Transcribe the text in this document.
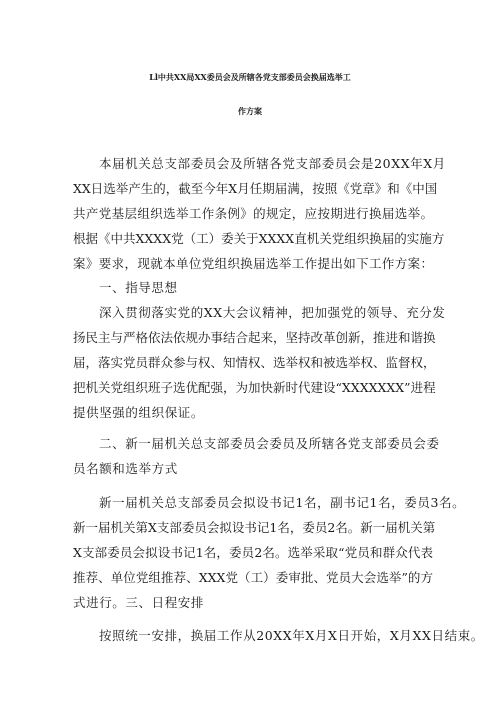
Ll中共XX局XX委员会及所辖各党支部委员会换届选举工
作方案
本届机关总支部委员会及所辖各党支部委员会是20XX年X月
XX日选举产生的，截至今年X月任期届满，按照《党章》和《中国
共产党基层组织选举工作条例》的规定，应按期进行换届选举。
根据《中共XXXX党（工）委关于XXXX直机关党组织换届的实施方
案》要求，现就本单位党组织换届选举工作提出如下工作方案：
一、指导思想
深入贯彻落实党的XX大会议精神，把加强党的领导、充分发
扬民主与严格依法依规办事结合起来，坚持改革创新，推进和谐换
届，落实党员群众参与权、知情权、选举权和被选举权、监督权，
把机关党组织班子选优配强，为加快新时代建设“XXXXXXX”进程
提供坚强的组织保证。
二、新一届机关总支部委员会委员及所辖各党支部委员会委
员名额和选举方式
新一届机关总支部委员会拟设书记1名，副书记1名，委员3名。
新一届机关第X支部委员会拟设书记1名，委员2名。新一届机关第
X支部委员会拟设书记1名，委员2名。选举采取“党员和群众代表
推荐、单位党组推荐、XXX党（工）委审批、党员大会选举”的方
式进行。三、日程安排
按照统一安排，换届工作从20XX年X月X日开始，X月XX日结束。
